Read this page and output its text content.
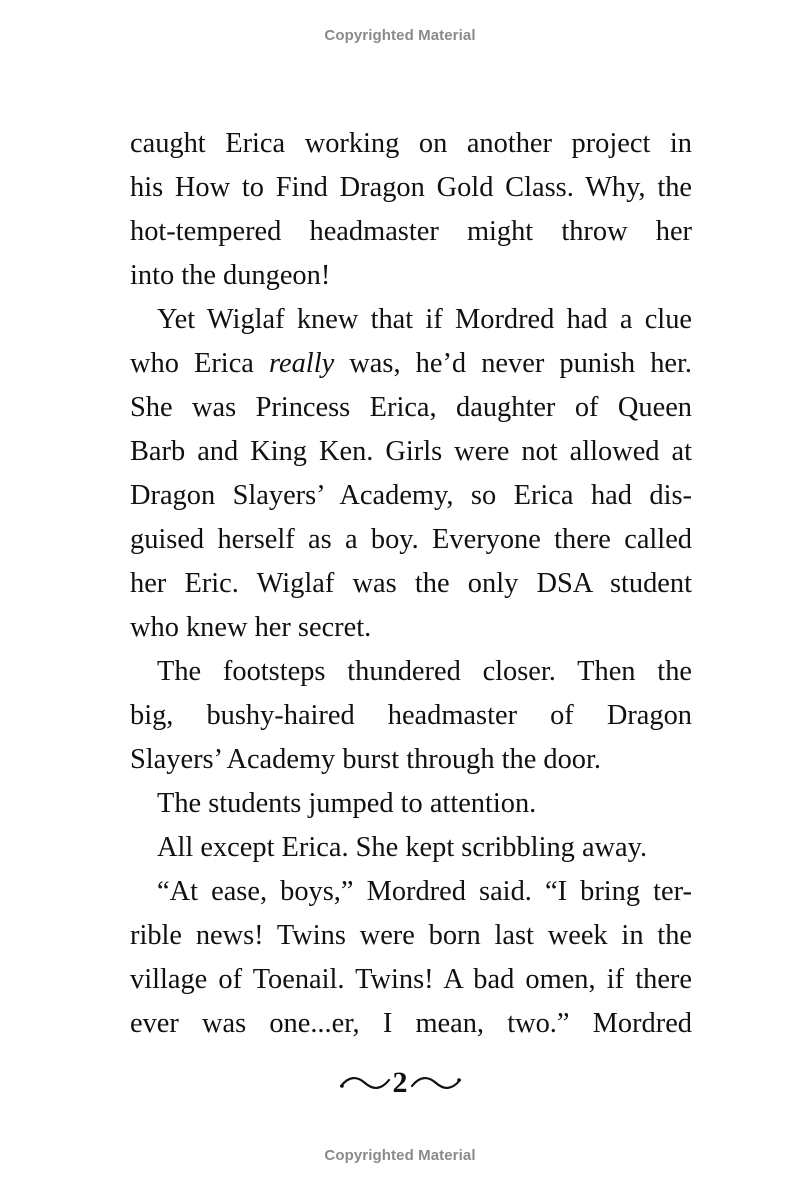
Copyrighted Material
caught Erica working on another project in
his How to Find Dragon Gold Class. Why, the
hot-tempered headmaster might throw her
into the dungeon!
Yet Wiglaf knew that if Mordred had a clue
who Erica really was, he’d never punish her.
She was Princess Erica, daughter of Queen
Barb and King Ken. Girls were not allowed at
Dragon Slayers’ Academy, so Erica had dis-
guised herself as a boy. Everyone there called
her Eric. Wiglaf was the only DSA student
who knew her secret.
The footsteps thundered closer. Then the
big, bushy-haired headmaster of Dragon
Slayers’ Academy burst through the door.
The students jumped to attention.
All except Erica. She kept scribbling away.
“At ease, boys,” Mordred said. “I bring ter-
rible news! Twins were born last week in the
village of Toenail. Twins! A bad omen, if there
ever was one...er, I mean, two.” Mordred
2
Copyrighted Material
